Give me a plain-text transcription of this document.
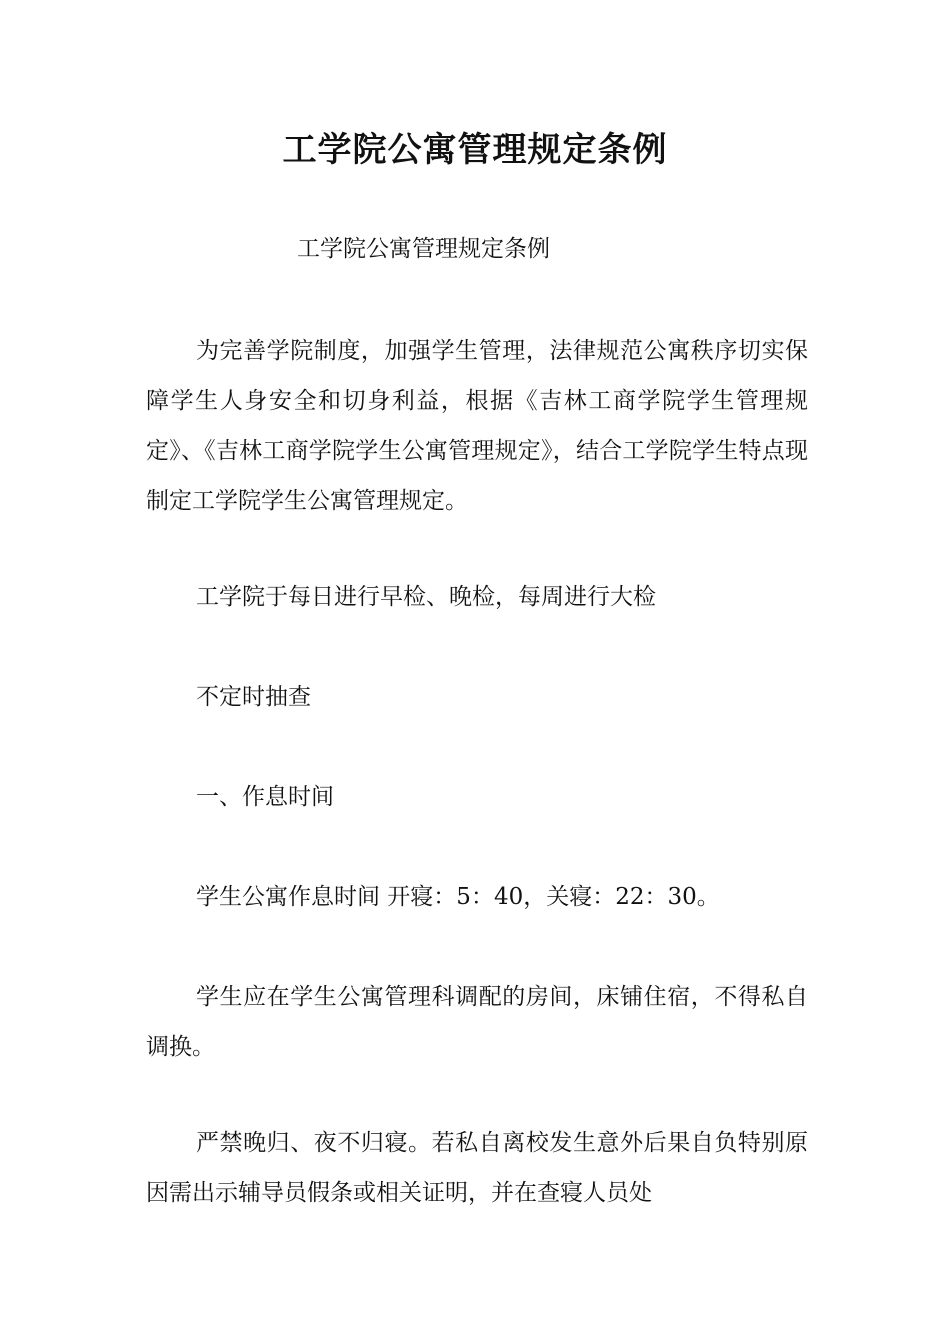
工学院公寓管理规定条例
工学院公寓管理规定条例

为完善学院制度，加强学生管理，法律规范公寓秩序切实保障学生人身安全和切身利益，根据《吉林工商学院学生管理规定》、《吉林工商学院学生公寓管理规定》，结合工学院学生特点现制定工学院学生公寓管理规定。

工学院于每日进行早检、晚检，每周进行大检

不定时抽查

一、作息时间

学生公寓作息时间 开寝：5：40，关寝：22：30。

学生应在学生公寓管理科调配的房间，床铺住宿，不得私自调换。

严禁晚归、夜不归寝。若私自离校发生意外后果自负特别原因需出示辅导员假条或相关证明，并在查寝人员处
